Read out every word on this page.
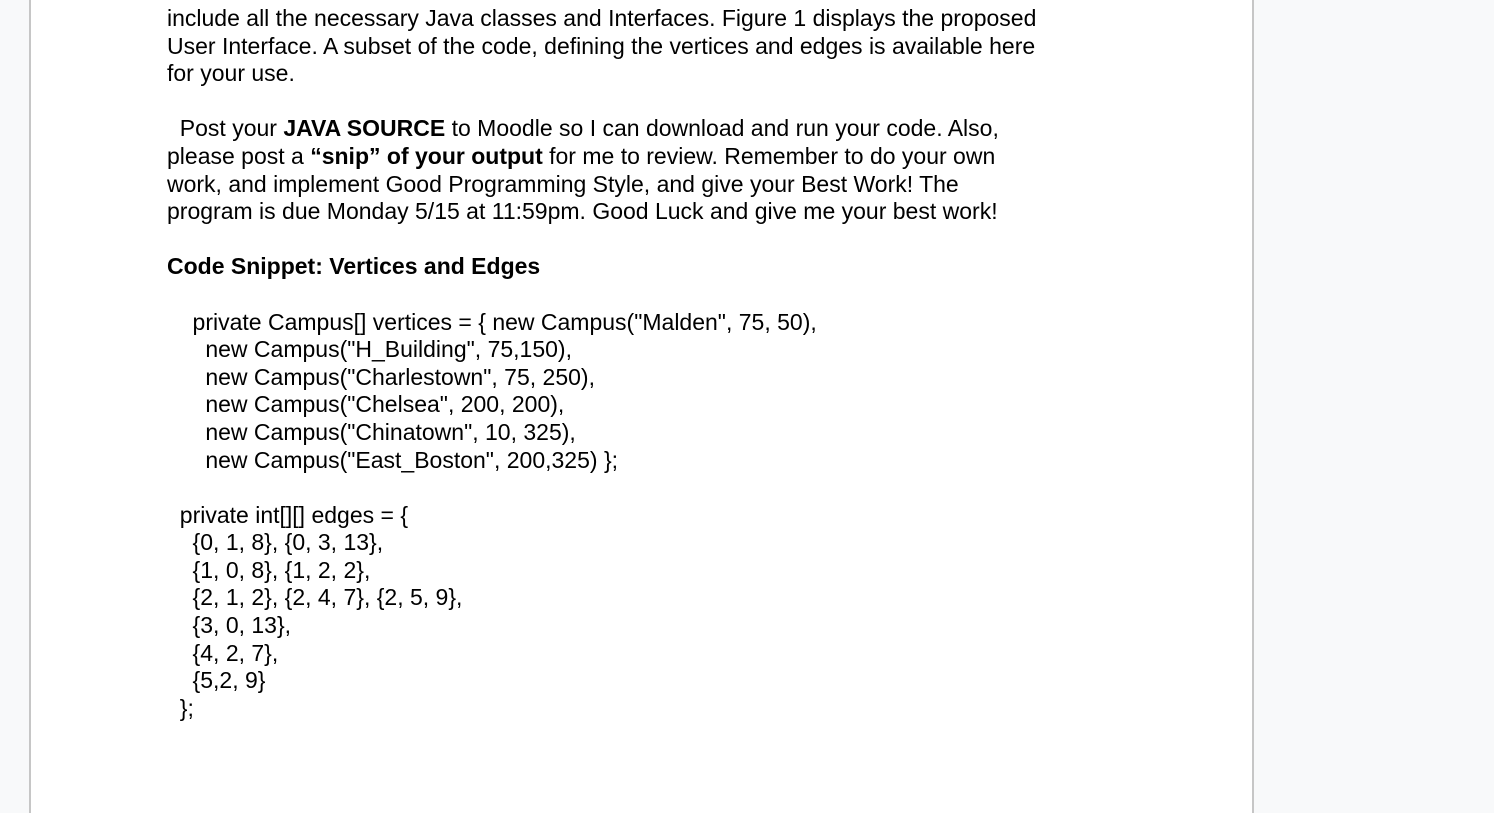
include all the necessary Java classes and Interfaces. Figure 1 displays the proposed
User Interface. A subset of the code, defining the vertices and edges is available here
for your use.
Post your JAVA SOURCE to Moodle so I can download and run your code. Also,
please post a “snip” of your output for me to review. Remember to do your own
work, and implement Good Programming Style, and give your Best Work! The
program is due Monday 5/15 at 11:59pm. Good Luck and give me your best work!
Code Snippet: Vertices and Edges
private Campus[] vertices = { new Campus("Malden", 75, 50),
new Campus("H_Building", 75,150),
new Campus("Charlestown", 75, 250),
new Campus("Chelsea", 200, 200),
new Campus("Chinatown", 10, 325),
new Campus("East_Boston", 200,325) };
private int[][] edges = {
{0, 1, 8}, {0, 3, 13},
{1, 0, 8}, {1, 2, 2},
{2, 1, 2}, {2, 4, 7}, {2, 5, 9},
{3, 0, 13},
{4, 2, 7},
{5,2, 9}
};
